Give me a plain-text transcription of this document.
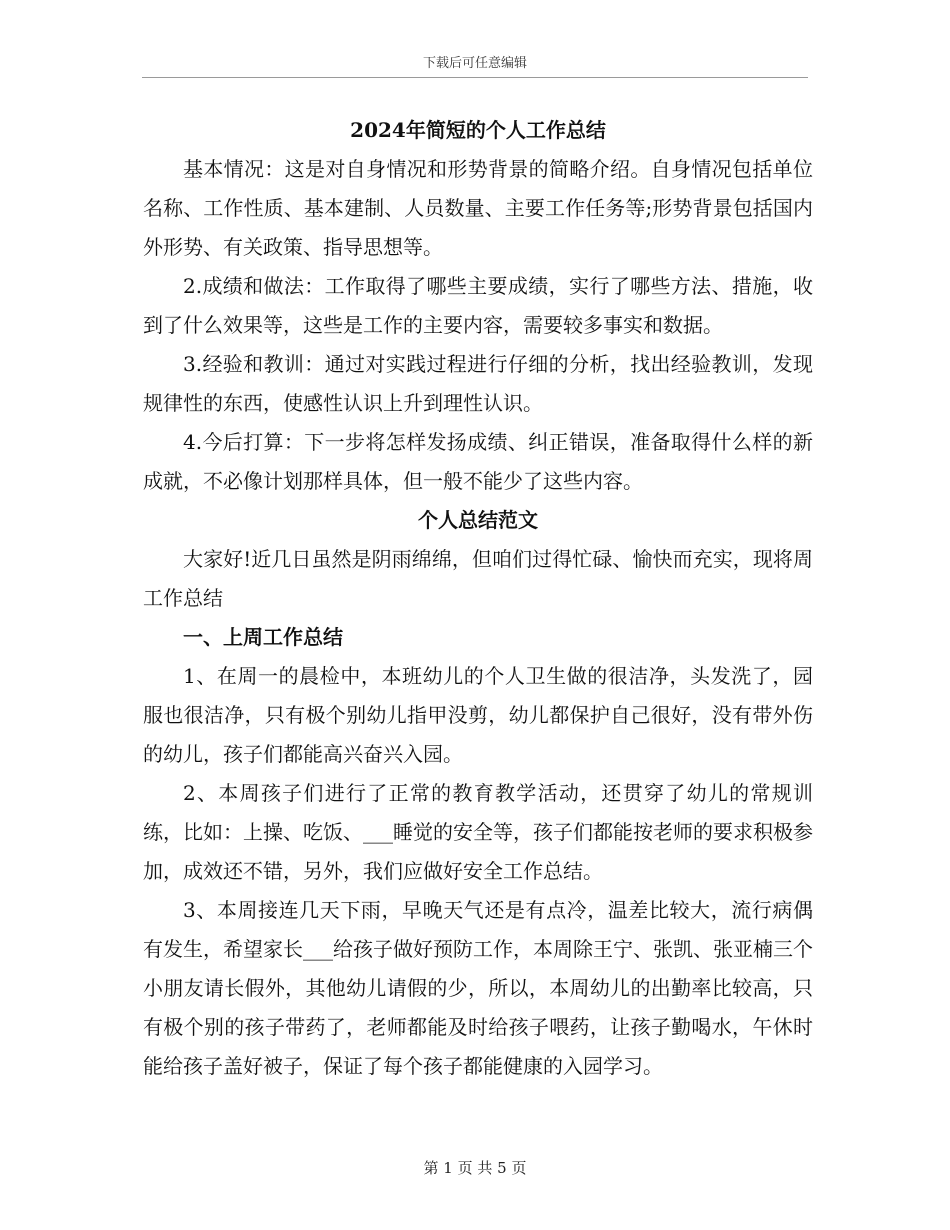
下载后可任意编辑

2024年简短的个人工作总结

基本情况：这是对自身情况和形势背景的简略介绍。自身情况包括单位名称、工作性质、基本建制、人员数量、主要工作任务等;形势背景包括国内外形势、有关政策、指导思想等。

2.成绩和做法：工作取得了哪些主要成绩，实行了哪些方法、措施，收到了什么效果等，这些是工作的主要内容，需要较多事实和数据。

3.经验和教训：通过对实践过程进行仔细的分析，找出经验教训，发现规律性的东西，使感性认识上升到理性认识。

4.今后打算：下一步将怎样发扬成绩、纠正错误，准备取得什么样的新成就，不必像计划那样具体，但一般不能少了这些内容。

个人总结范文

大家好!近几日虽然是阴雨绵绵，但咱们过得忙碌、愉快而充实，现将周工作总结

一、上周工作总结

1、在周一的晨检中，本班幼儿的个人卫生做的很洁净，头发洗了，园服也很洁净，只有极个别幼儿指甲没剪，幼儿都保护自己很好，没有带外伤的幼儿，孩子们都能高兴奋兴入园。

2、本周孩子们进行了正常的教育教学活动，还贯穿了幼儿的常规训练，比如：上操、吃饭、___睡觉的安全等，孩子们都能按老师的要求积极参加，成效还不错，另外，我们应做好安全工作总结。

3、本周接连几天下雨，早晚天气还是有点冷，温差比较大，流行病偶有发生，希望家长___给孩子做好预防工作，本周除王宁、张凯、张亚楠三个小朋友请长假外，其他幼儿请假的少，所以，本周幼儿的出勤率比较高，只有极个别的孩子带药了，老师都能及时给孩子喂药，让孩子勤喝水，午休时能给孩子盖好被子，保证了每个孩子都能健康的入园学习。

第 1 页 共 5 页
